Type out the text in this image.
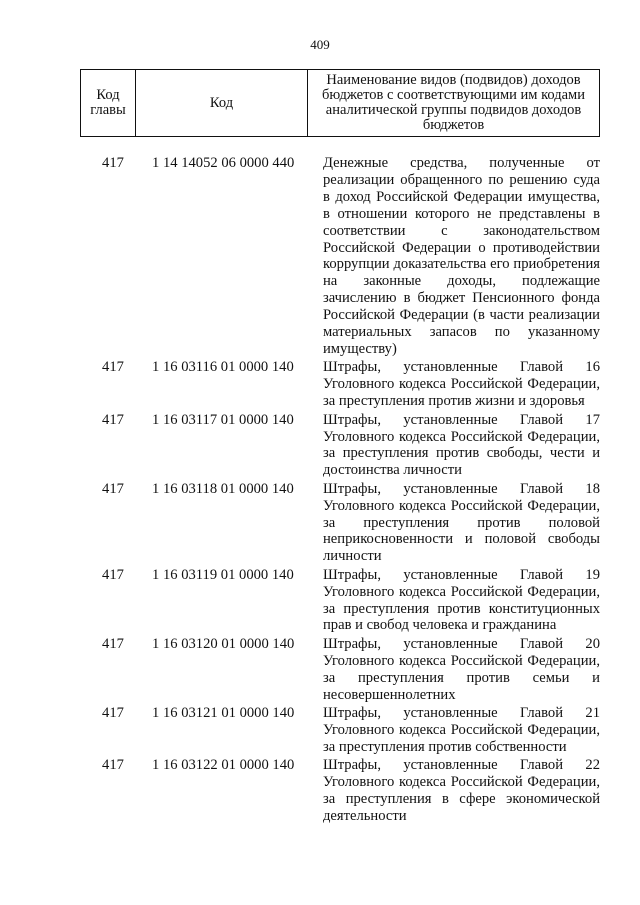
409
Код главы	Код	Наименование видов (подвидов) доходов бюджетов с соответствующими им кодами аналитической группы подвидов доходов бюджетов
417	1 14 14052 06 0000 440	Денежные средства, полученные от реализации обращенного по решению суда в доход Российской Федерации имущества, в отношении которого не представлены в соответствии с законодательством Российской Федерации о противодействии коррупции доказательства его приобретения на законные доходы, подлежащие зачислению в бюджет Пенсионного фонда Российской Федерации (в части реализации материальных запасов по указанному имуществу)
417	1 16 03116 01 0000 140	Штрафы, установленные Главой 16 Уголовного кодекса Российской Федерации, за преступления против жизни и здоровья
417	1 16 03117 01 0000 140	Штрафы, установленные Главой 17 Уголовного кодекса Российской Федерации, за преступления против свободы, чести и достоинства личности
417	1 16 03118 01 0000 140	Штрафы, установленные Главой 18 Уголовного кодекса Российской Федерации, за преступления против половой неприкосновенности и половой свободы личности
417	1 16 03119 01 0000 140	Штрафы, установленные Главой 19 Уголовного кодекса Российской Федерации, за преступления против конституционных прав и свобод человека и гражданина
417	1 16 03120 01 0000 140	Штрафы, установленные Главой 20 Уголовного кодекса Российской Федерации, за преступления против семьи и несовершеннолетних
417	1 16 03121 01 0000 140	Штрафы, установленные Главой 21 Уголовного кодекса Российской Федерации, за преступления против собственности
417	1 16 03122 01 0000 140	Штрафы, установленные Главой 22 Уголовного кодекса Российской Федерации, за преступления в сфере экономической деятельности
